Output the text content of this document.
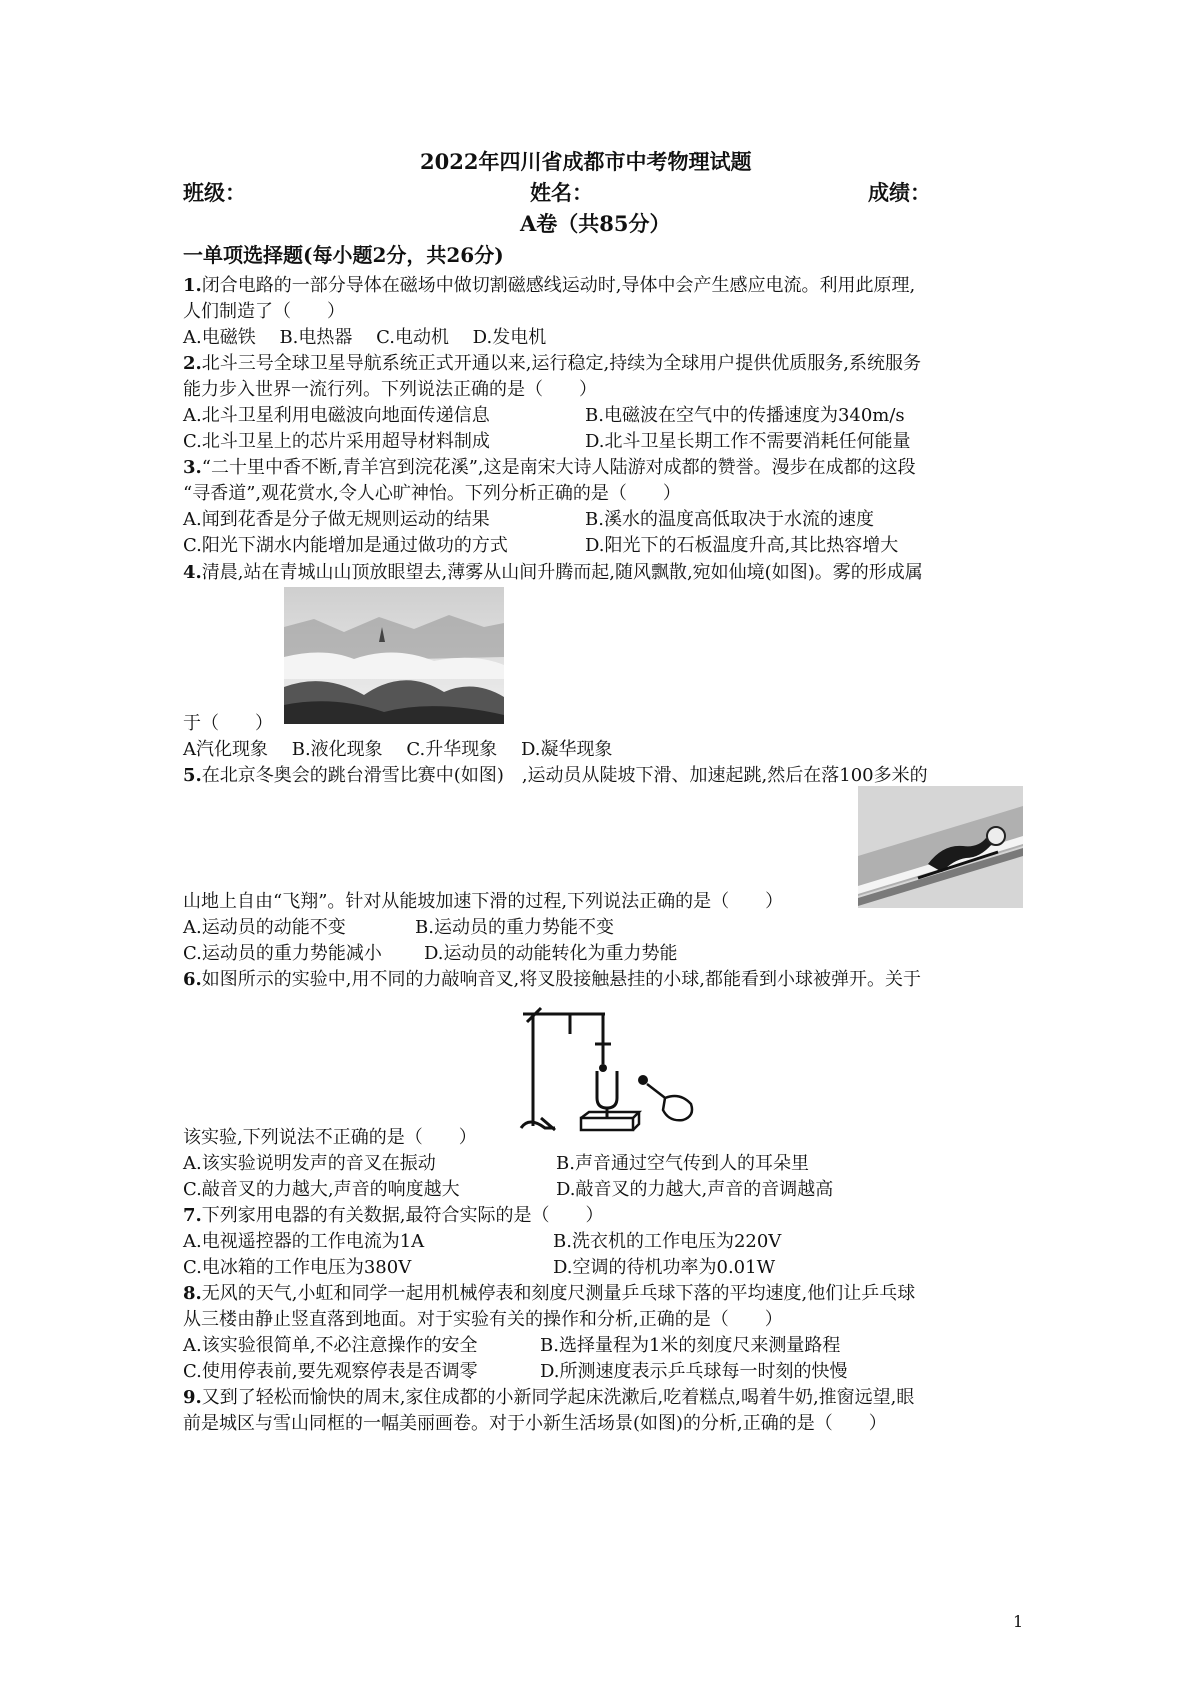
2022年四川省成都市中考物理试题
班级：	姓名：	成绩：
A卷（共85分）
一单项选择题(每小题2分，共26分)
1.闭合电路的一部分导体在磁场中做切割磁感线运动时,导体中会产生感应电流。利用此原理,
人们制造了（　　）
A.电磁铁　 B.电热器　 C.电动机　 D.发电机
2.北斗三号全球卫星导航系统正式开通以来,运行稳定,持续为全球用户提供优质服务,系统服务
能力步入世界一流行列。下列说法正确的是（　　）
A.北斗卫星利用电磁波向地面传递信息	B.电磁波在空气中的传播速度为340m/s
C.北斗卫星上的芯片采用超导材料制成	D.北斗卫星长期工作不需要消耗任何能量
3.“二十里中香不断,青羊宫到浣花溪”,这是南宋大诗人陆游对成都的赞誉。漫步在成都的这段
“寻香道”,观花赏水,令人心旷神怡。下列分析正确的是（　　）
A.闻到花香是分子做无规则运动的结果	B.溪水的温度高低取决于水流的速度
C.阳光下湖水内能增加是通过做功的方式	D.阳光下的石板温度升高,其比热容增大
4.清晨,站在青城山山顶放眼望去,薄雾从山间升腾而起,随风飘散,宛如仙境(如图)。雾的形成属
于（　　）
A汽化现象　 B.液化现象　 C.升华现象　 D.凝华现象
5.在北京冬奥会的跳台滑雪比赛中(如图)　,运动员从陡坡下滑、加速起跳,然后在落100多米的
山地上自由“飞翔”。针对从能坡加速下滑的过程,下列说法正确的是（　　）
A.运动员的动能不变	B.运动员的重力势能不变
C.运动员的重力势能减小 D.运动员的动能转化为重力势能
6.如图所示的实验中,用不同的力敲响音叉,将叉股接触悬挂的小球,都能看到小球被弹开。关于
该实验,下列说法不正确的是（　　）
A.该实验说明发声的音叉在振动	B.声音通过空气传到人的耳朵里
C.敲音叉的力越大,声音的响度越大	D.敲音叉的力越大,声音的音调越高
7.下列家用电器的有关数据,最符合实际的是（　　）
A.电视遥控器的工作电流为1A	B.洗衣机的工作电压为220V
C.电冰箱的工作电压为380V	D.空调的待机功率为0.01W
8.无风的天气,小虹和同学一起用机械停表和刻度尺测量乒乓球下落的平均速度,他们让乒乓球
从三楼由静止竖直落到地面。对于实验有关的操作和分析,正确的是（　　）
A.该实验很简单,不必注意操作的安全	B.选择量程为1米的刻度尺来测量路程
C.使用停表前,要先观察停表是否调零	D.所测速度表示乒乓球每一时刻的快慢
9.又到了轻松而愉快的周末,家住成都的小新同学起床洗漱后,吃着糕点,喝着牛奶,推窗远望,眼
前是城区与雪山同框的一幅美丽画卷。对于小新生活场景(如图)的分析,正确的是（　　）
1
